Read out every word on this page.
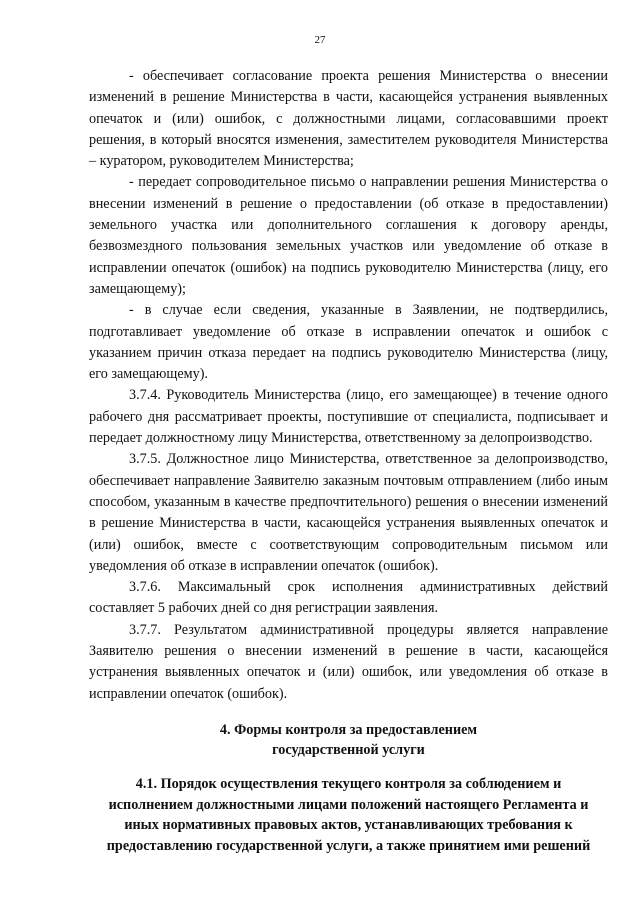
27

- обеспечивает согласование проекта решения Министерства о внесении изменений в решение Министерства в части, касающейся устранения выявленных опечаток и (или) ошибок, с должностными лицами, согласовавшими проект решения, в который вносятся изменения, заместителем руководителя Министерства – куратором, руководителем Министерства;

- передает сопроводительное письмо о направлении решения Министерства о внесении изменений в решение о предоставлении (об отказе в предоставлении) земельного участка или дополнительного соглашения к договору аренды, безвозмездного пользования земельных участков или уведомление об отказе в исправлении опечаток (ошибок) на подпись руководителю Министерства (лицу, его замещающему);

- в случае если сведения, указанные в Заявлении, не подтвердились, подготавливает уведомление об отказе в исправлении опечаток и ошибок с указанием причин отказа передает на подпись руководителю Министерства (лицу, его замещающему).

3.7.4. Руководитель Министерства (лицо, его замещающее) в течение одного рабочего дня рассматривает проекты, поступившие от специалиста, подписывает и передает должностному лицу Министерства, ответственному за делопроизводство.

3.7.5. Должностное лицо Министерства, ответственное за делопроизводство, обеспечивает направление Заявителю заказным почтовым отправлением (либо иным способом, указанным в качестве предпочтительного) решения о внесении изменений в решение Министерства в части, касающейся устранения выявленных опечаток и (или) ошибок, вместе с соответствующим сопроводительным письмом или уведомления об отказе в исправлении опечаток (ошибок).

3.7.6. Максимальный срок исполнения административных действий составляет 5 рабочих дней со дня регистрации заявления.

3.7.7. Результатом административной процедуры является направление Заявителю решения о внесении изменений в решение в части, касающейся устранения выявленных опечаток и (или) ошибок, или уведомления об отказе в исправлении опечаток (ошибок).

4. Формы контроля за предоставлением
государственной услуги
4.1. Порядок осуществления текущего контроля за соблюдением и
исполнением должностными лицами положений настоящего Регламента и
иных нормативных правовых актов, устанавливающих требования к
предоставлению государственной услуги, а также принятием ими решений
